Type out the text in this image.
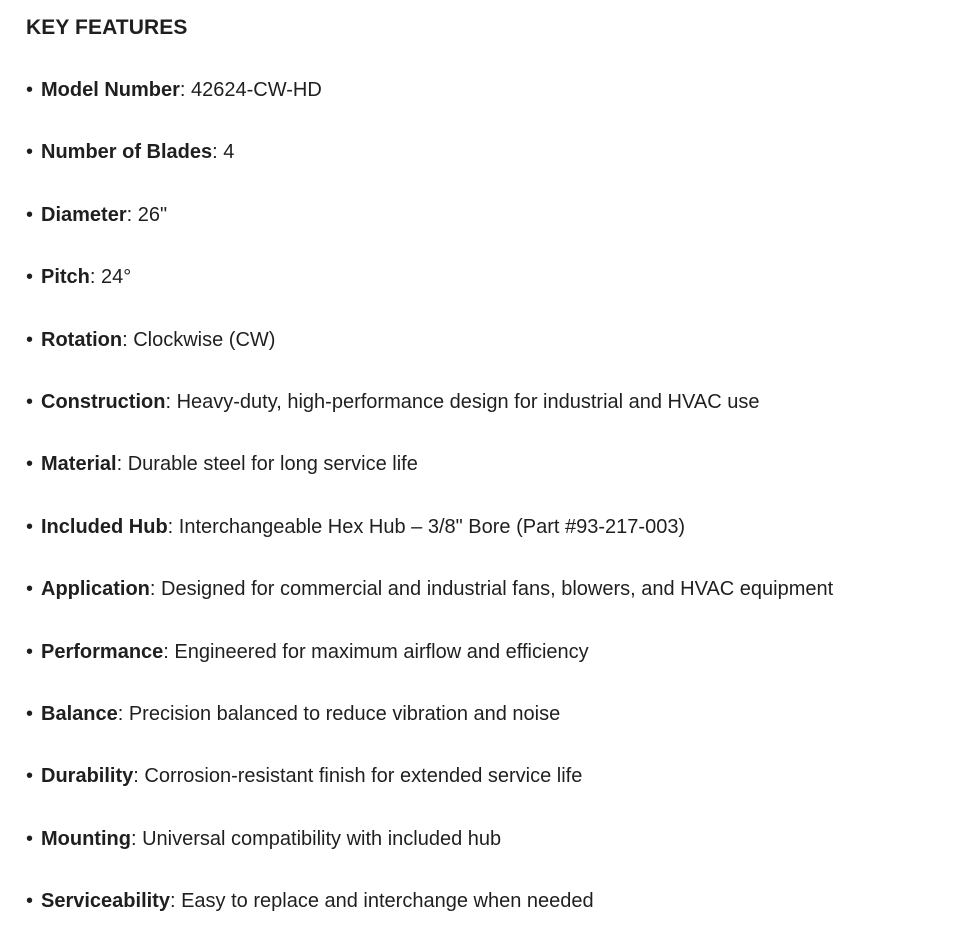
KEY FEATURES
• Model Number: 42624-CW-HD
• Number of Blades: 4
• Diameter: 26"
• Pitch: 24°
• Rotation: Clockwise (CW)
• Construction: Heavy-duty, high-performance design for industrial and HVAC use
• Material: Durable steel for long service life
• Included Hub: Interchangeable Hex Hub – 3/8" Bore (Part #93-217-003)
• Application: Designed for commercial and industrial fans, blowers, and HVAC equipment
• Performance: Engineered for maximum airflow and efficiency
• Balance: Precision balanced to reduce vibration and noise
• Durability: Corrosion-resistant finish for extended service life
• Mounting: Universal compatibility with included hub
• Serviceability: Easy to replace and interchange when needed
